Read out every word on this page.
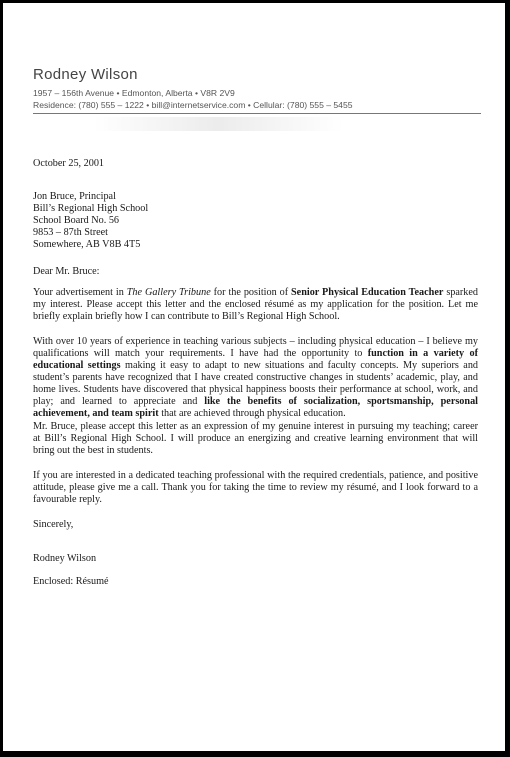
Rodney Wilson
1957 – 156th Avenue • Edmonton, Alberta • V8R 2V9
Residence: (780) 555 – 1222 • bill@internetservice.com • Cellular: (780) 555 – 5455
October 25, 2001
Jon Bruce, Principal
Bill’s Regional High School
School Board No. 56
9853 – 87th Street
Somewhere, AB V8B 4T5
Dear Mr. Bruce:
Your advertisement in The Gallery Tribune for the position of Senior Physical Education Teacher sparked my interest. Please accept this letter and the enclosed résumé as my application for the position. Let me briefly explain briefly how I can contribute to Bill’s Regional High School.
With over 10 years of experience in teaching various subjects – including physical education – I believe my qualifications will match your requirements. I have had the opportunity to function in a variety of educational settings making it easy to adapt to new situations and faculty concepts. My superiors and student’s parents have recognized that I have created constructive changes in students’ academic, play, and home lives. Students have discovered that physical happiness boosts their performance at school, work, and play; and learned to appreciate and like the benefits of socialization, sportsmanship, personal achievement, and team spirit that are achieved through physical education.
Mr. Bruce, please accept this letter as an expression of my genuine interest in pursuing my teaching; career at Bill’s Regional High School. I will produce an energizing and creative learning environment that will bring out the best in students.
If you are interested in a dedicated teaching professional with the required credentials, patience, and positive attitude, please give me a call. Thank you for taking the time to review my résumé, and I look forward to a favourable reply.
Sincerely,
Rodney Wilson
Enclosed: Résumé
